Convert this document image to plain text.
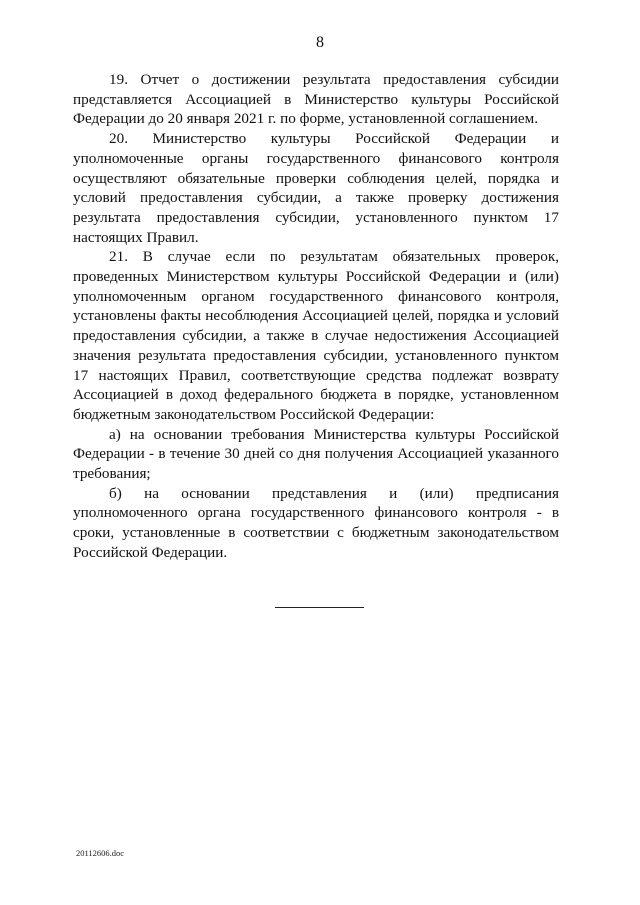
8

19. Отчет о достижении результата предоставления субсидии представляется Ассоциацией в Министерство культуры Российской Федерации до 20 января 2021 г. по форме, установленной соглашением.

20. Министерство культуры Российской Федерации и уполномоченные органы государственного финансового контроля осуществляют обязательные проверки соблюдения целей, порядка и условий предоставления субсидии, а также проверку достижения результата предоставления субсидии, установленного пунктом 17 настоящих Правил.

21. В случае если по результатам обязательных проверок, проведенных Министерством культуры Российской Федерации и (или) уполномоченным органом государственного финансового контроля, установлены факты несоблюдения Ассоциацией целей, порядка и условий предоставления субсидии, а также в случае недостижения Ассоциацией значения результата предоставления субсидии, установленного пунктом 17 настоящих Правил, соответствующие средства подлежат возврату Ассоциацией в доход федерального бюджета в порядке, установленном бюджетным законодательством Российской Федерации:

а) на основании требования Министерства культуры Российской Федерации - в течение 30 дней со дня получения Ассоциацией указанного требования;

б) на основании представления и (или) предписания уполномоченного органа государственного финансового контроля - в сроки, установленные в соответствии с бюджетным законодательством Российской Федерации.

20112606.doc
